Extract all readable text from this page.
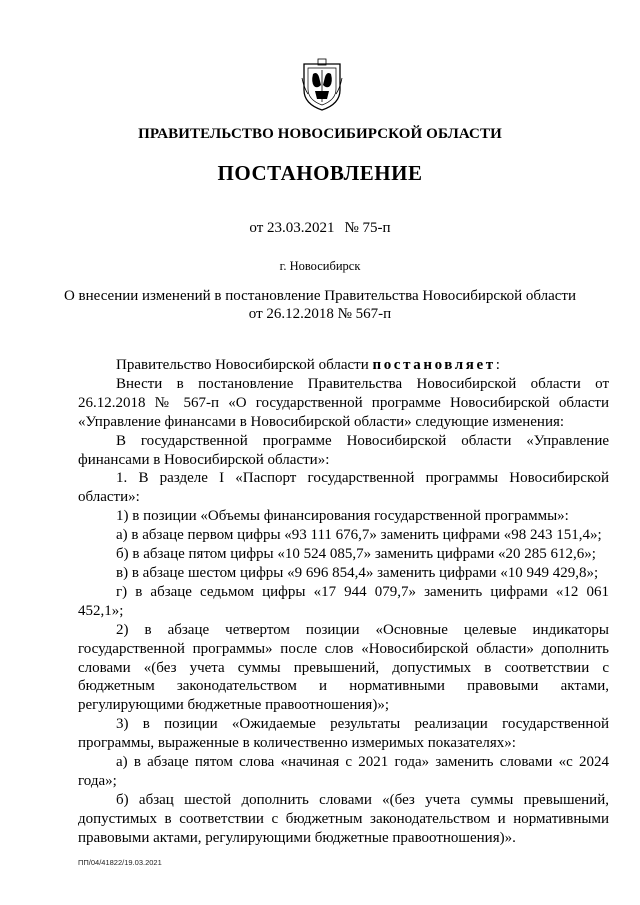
ПРАВИТЕЛЬСТВО НОВОСИБИРСКОЙ ОБЛАСТИ
ПОСТАНОВЛЕНИЕ
от 23.03.2021 № 75-п
г. Новосибирск
О внесении изменений в постановление Правительства Новосибирской области
от 26.12.2018 № 567-п

Правительство Новосибирской области постановляет:

Внести в постановление Правительства Новосибирской области от 26.12.2018 № 567-п «О государственной программе Новосибирской области «Управление финансами в Новосибирской области» следующие изменения:

В государственной программе Новосибирской области «Управление финансами в Новосибирской области»:

1. В разделе I «Паспорт государственной программы Новосибирской области»:

1) в позиции «Объемы финансирования государственной программы»:

а) в абзаце первом цифры «93 111 676,7» заменить цифрами «98 243 151,4»;

б) в абзаце пятом цифры «10 524 085,7» заменить цифрами «20 285 612,6»;

в) в абзаце шестом цифры «9 696 854,4» заменить цифрами «10 949 429,8»;

г) в абзаце седьмом цифры «17 944 079,7» заменить цифрами «12 061 452,1»;

2) в абзаце четвертом позиции «Основные целевые индикаторы государственной программы» после слов «Новосибирской области» дополнить словами «(без учета суммы превышений, допустимых в соответствии с бюджетным законодательством и нормативными правовыми актами, регулирующими бюджетные правоотношения)»;

3) в позиции «Ожидаемые результаты реализации государственной программы, выраженные в количественно измеримых показателях»:

а) в абзаце пятом слова «начиная с 2021 года» заменить словами «с 2024 года»;

б) абзац шестой дополнить словами «(без учета суммы превышений, допустимых в соответствии с бюджетным законодательством и нормативными правовыми актами, регулирующими бюджетные правоотношения)».

ПП/04/41822/19.03.2021
